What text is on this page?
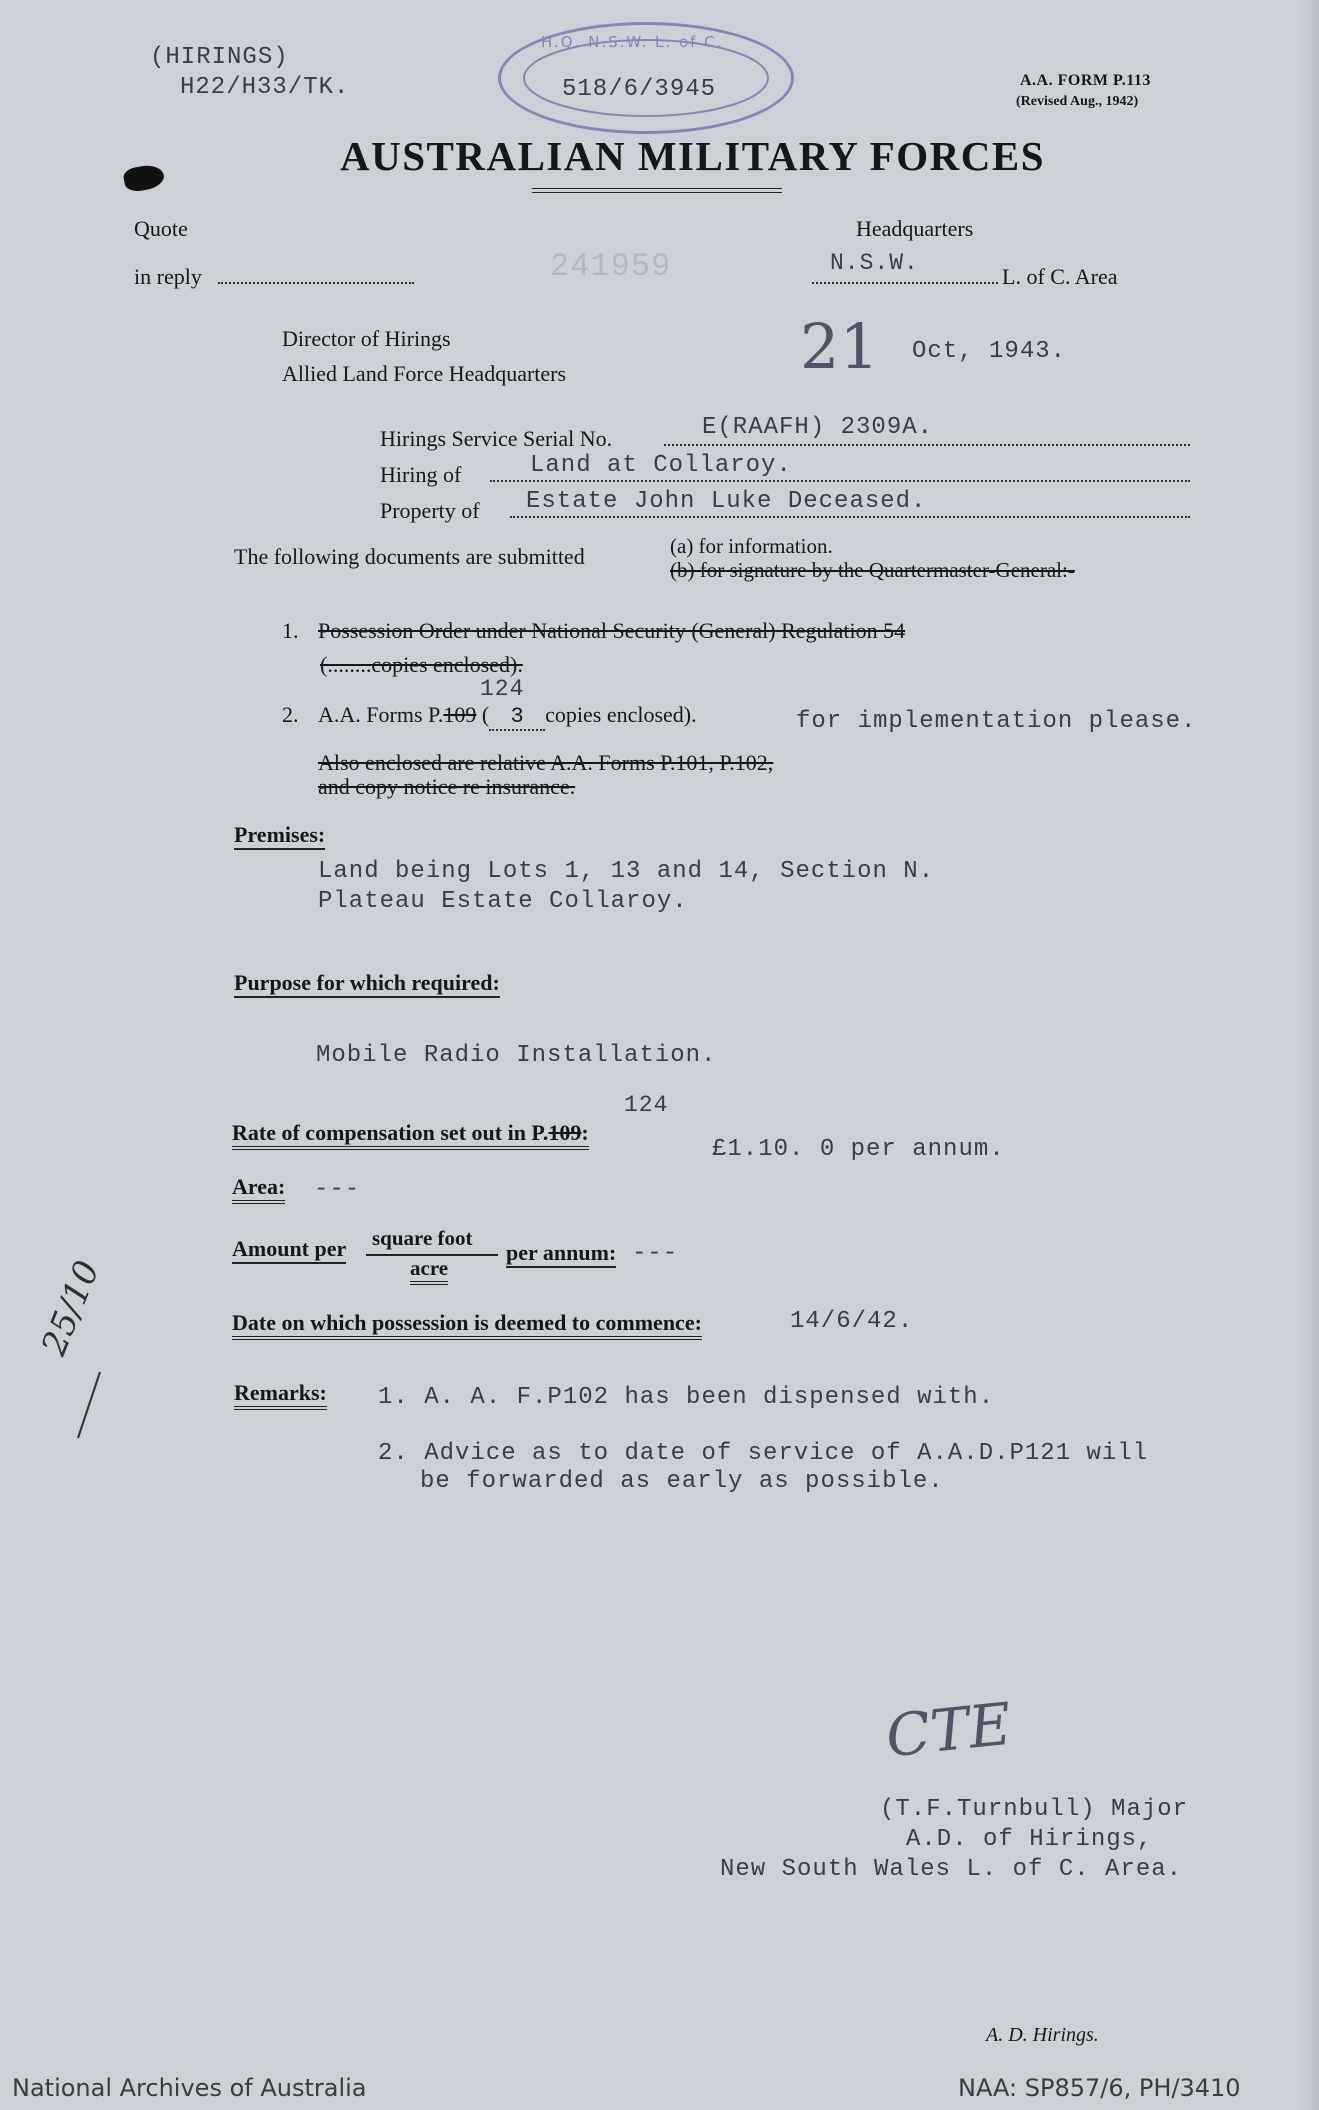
(HIRINGS)
H22/H33/TK.
H.Q. N.S.W. L. of C.
518/6/3945	A.A. FORM P.113
(Revised Aug., 1942)
AUSTRALIAN MILITARY FORCES
Quote
in reply	241959
Headquarters
N.S.W.
L. of C. Area
Director of Hirings
Allied Land Force Headquarters	21 Oct, 1943.
Hirings Service Serial No.	E(RAAFH) 2309A.
Hiring of	Land at Collaroy.
Property of Estate John Luke Deceased.
The following documents are submitted	(a) for information.
(b) for signature by the Quartermaster-General:-
1. Possession Order under National Security (General) Regulation 54
(........copies enclosed).
124
2. A.A. Forms P.109 ( 3 copies enclosed).	for implementation please.
Also enclosed are relative A.A. Forms P.101, P.102,
and copy notice re insurance.
Premises:
Land being Lots 1, 13 and 14, Section N.
Plateau Estate Collaroy.
Purpose for which required:
Mobile Radio Installation.
124
Rate of compensation set out in P.109:
£1.10. 0 per annum.
Area: ---
Amount per square foot
acre
per annum: ---
Date on which possession is deemed to commence:	14/6/42.
Remarks: 1. A. A. F.P102 has been dispensed with.
2. Advice as to date of service of A.A.D.P121 will
be forwarded as early as possible.
25/10
CTE
(T.F.Turnbull) Major
A.D. of Hirings,
New South Wales L. of C. Area.
A. D. Hirings.
National Archives of Australia	NAA: SP857/6, PH/3410
